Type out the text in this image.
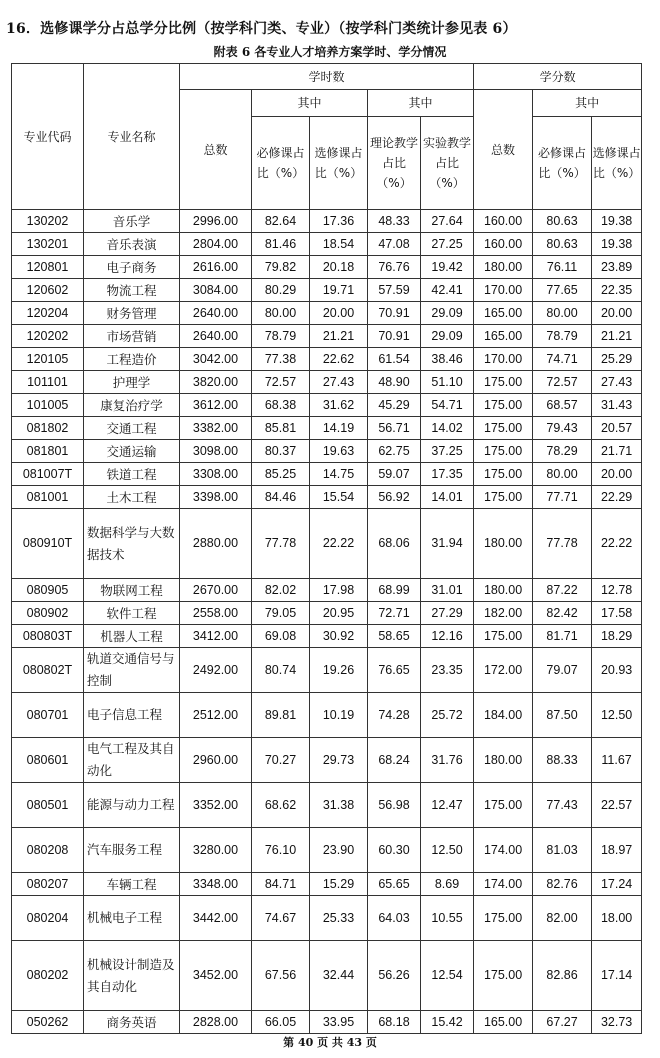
16．选修课学分占总学分比例（按学科门类、专业）（按学科门类统计参见表 6）
附表 6 各专业人才培养方案学时、学分情况
专业代码	专业名称	学时数					学分数		
		总数	其中		其中		总数	其中	
			必修课占比（%）	选修课占比（%）	理论教学占比（%）	实验教学占比（%）		必修课占比（%）	选修课占比（%）
130202	音乐学	2996.00	82.64	17.36	48.33	27.64	160.00	80.63	19.38
130201	音乐表演	2804.00	81.46	18.54	47.08	27.25	160.00	80.63	19.38
120801	电子商务	2616.00	79.82	20.18	76.76	19.42	180.00	76.11	23.89
120602	物流工程	3084.00	80.29	19.71	57.59	42.41	170.00	77.65	22.35
120204	财务管理	2640.00	80.00	20.00	70.91	29.09	165.00	80.00	20.00
120202	市场营销	2640.00	78.79	21.21	70.91	29.09	165.00	78.79	21.21
120105	工程造价	3042.00	77.38	22.62	61.54	38.46	170.00	74.71	25.29
101101	护理学	3820.00	72.57	27.43	48.90	51.10	175.00	72.57	27.43
101005	康复治疗学	3612.00	68.38	31.62	45.29	54.71	175.00	68.57	31.43
081802	交通工程	3382.00	85.81	14.19	56.71	14.02	175.00	79.43	20.57
081801	交通运输	3098.00	80.37	19.63	62.75	37.25	175.00	78.29	21.71
081007T	铁道工程	3308.00	85.25	14.75	59.07	17.35	175.00	80.00	20.00
081001	土木工程	3398.00	84.46	15.54	56.92	14.01	175.00	77.71	22.29
080910T	数据科学与大数据技术	2880.00	77.78	22.22	68.06	31.94	180.00	77.78	22.22
080905	物联网工程	2670.00	82.02	17.98	68.99	31.01	180.00	87.22	12.78
080902	软件工程	2558.00	79.05	20.95	72.71	27.29	182.00	82.42	17.58
080803T	机器人工程	3412.00	69.08	30.92	58.65	12.16	175.00	81.71	18.29
080802T	轨道交通信号与控制	2492.00	80.74	19.26	76.65	23.35	172.00	79.07	20.93
080701	电子信息工程	2512.00	89.81	10.19	74.28	25.72	184.00	87.50	12.50
080601	电气工程及其自动化	2960.00	70.27	29.73	68.24	31.76	180.00	88.33	11.67
080501	能源与动力工程	3352.00	68.62	31.38	56.98	12.47	175.00	77.43	22.57
080208	汽车服务工程	3280.00	76.10	23.90	60.30	12.50	174.00	81.03	18.97
080207	车辆工程	3348.00	84.71	15.29	65.65	8.69	174.00	82.76	17.24
080204	机械电子工程	3442.00	74.67	25.33	64.03	10.55	175.00	82.00	18.00
080202	机械设计制造及其自动化	3452.00	67.56	32.44	56.26	12.54	175.00	82.86	17.14
050262	商务英语	2828.00	66.05	33.95	68.18	15.42	165.00	67.27	32.73
第 40 页 共 43 页
